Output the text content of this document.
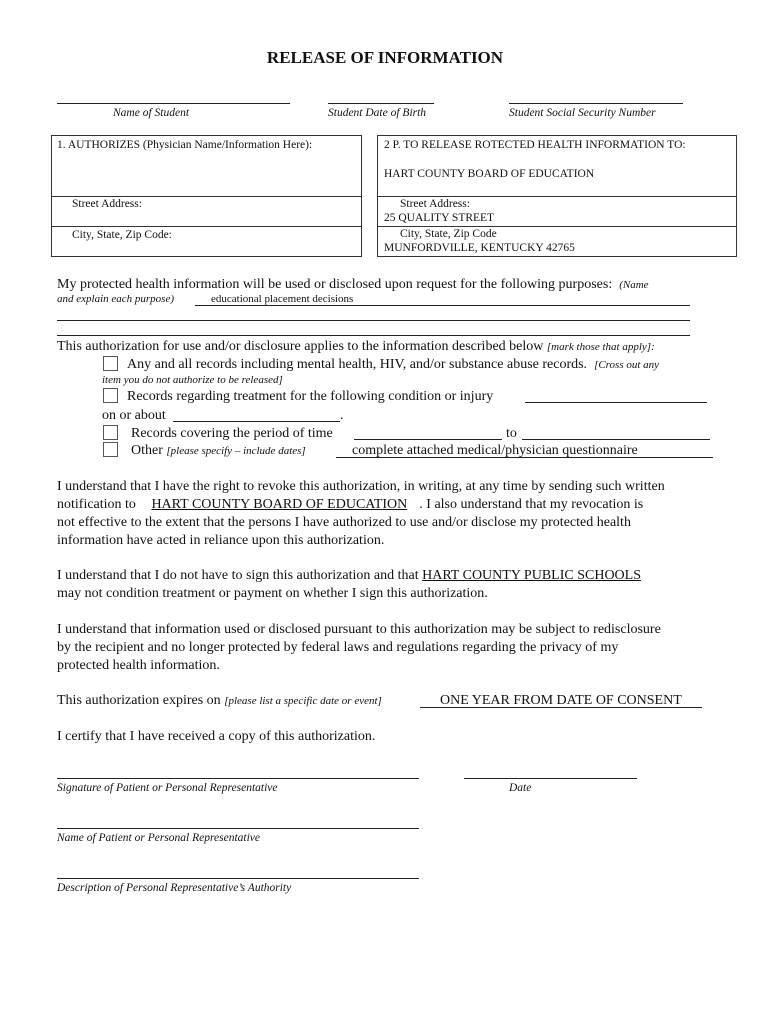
RELEASE OF INFORMATION
Name of Student	Student Date of Birth	Student Social Security Number
1. AUTHORIZES (Physician Name/Information Here):
Street Address:
City, State, Zip Code:
2 P. TO RELEASE ROTECTED HEALTH INFORMATION TO:
HART COUNTY BOARD OF EDUCATION
Street Address:
25 QUALITY STREET
City, State, Zip Code
MUNFORDVILLE, KENTUCKY 42765
My protected health information will be used or disclosed upon request for the following purposes: (Name
and explain each purpose)	educational placement decisions
This authorization for use and/or disclosure applies to the information described below [mark those that apply]:
Any and all records including mental health, HIV, and/or substance abuse records. [Cross out any
item you do not authorize to be released]
Records regarding treatment for the following condition or injury
on or about	.
Records covering the period of time	to
Other [please specify – include dates]	complete attached medical/physician questionnaire
I understand that I have the right to revoke this authorization, in writing, at any time by sending such written
notification to HART COUNTY BOARD OF EDUCATION . I also understand that my revocation is
not effective to the extent that the persons I have authorized to use and/or disclose my protected health
information have acted in reliance upon this authorization.
I understand that I do not have to sign this authorization and that HART COUNTY PUBLIC SCHOOLS
may not condition treatment or payment on whether I sign this authorization.
I understand that information used or disclosed pursuant to this authorization may be subject to redisclosure
by the recipient and no longer protected by federal laws and regulations regarding the privacy of my
protected health information.
This authorization expires on [please list a specific date or event]	ONE YEAR FROM DATE OF CONSENT
I certify that I have received a copy of this authorization.
Signature of Patient or Personal Representative	Date
Name of Patient or Personal Representative
Description of Personal Representative’s Authority
